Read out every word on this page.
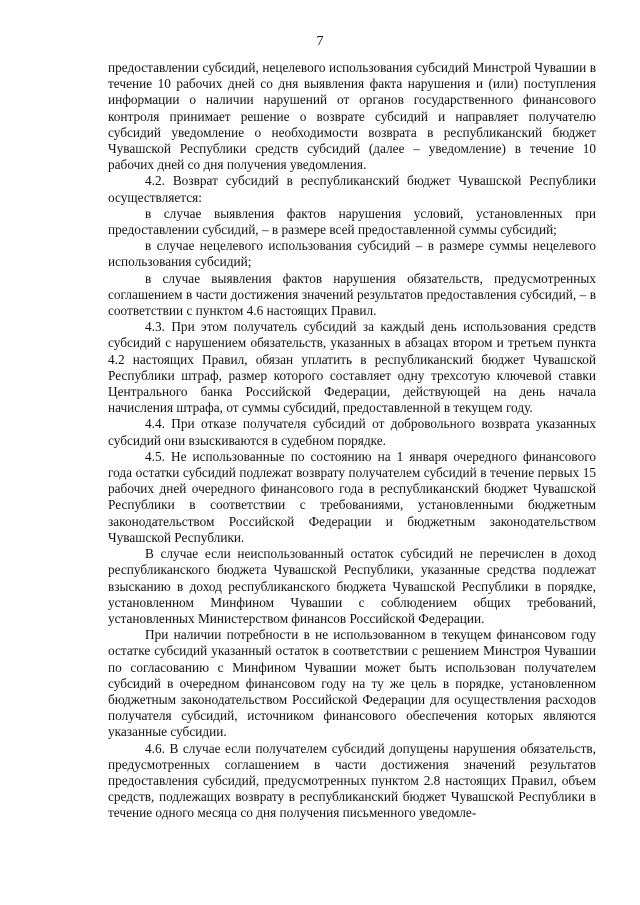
7

предоставлении субсидий, нецелевого использования субсидий Минстрой Чувашии в течение 10 рабочих дней со дня выявления факта нарушения и (или) поступления информации о наличии нарушений от органов государственного финансового контроля принимает решение о возврате субсидий и направляет получателю субсидий уведомление о необходимости возврата в республиканский бюджет Чувашской Республики средств субсидий (далее – уведомление) в течение 10 рабочих дней со дня получения уведомления.

4.2. Возврат субсидий в республиканский бюджет Чувашской Республики осуществляется:

в случае выявления фактов нарушения условий, установленных при предоставлении субсидий, – в размере всей предоставленной суммы субсидий;

в случае нецелевого использования субсидий – в размере суммы нецелевого использования субсидий;

в случае выявления фактов нарушения обязательств, предусмотренных соглашением в части достижения значений результатов предоставления субсидий, – в соответствии с пунктом 4.6 настоящих Правил.

4.3. При этом получатель субсидий за каждый день использования средств субсидий с нарушением обязательств, указанных в абзацах втором и третьем пункта 4.2 настоящих Правил, обязан уплатить в республиканский бюджет Чувашской Республики штраф, размер которого составляет одну трехсотую ключевой ставки Центрального банка Российской Федерации, действующей на день начала начисления штрафа, от суммы субсидий, предоставленной в текущем году.

4.4. При отказе получателя субсидий от добровольного возврата указанных субсидий они взыскиваются в судебном порядке.

4.5. Не использованные по состоянию на 1 января очередного финансового года остатки субсидий подлежат возврату получателем субсидий в течение первых 15 рабочих дней очередного финансового года в республиканский бюджет Чувашской Республики в соответствии с требованиями, установленными бюджетным законодательством Российской Федерации и бюджетным законодательством Чувашской Республики.

В случае если неиспользованный остаток субсидий не перечислен в доход республиканского бюджета Чувашской Республики, указанные средства подлежат взысканию в доход республиканского бюджета Чувашской Республики в порядке, установленном Минфином Чувашии с соблюдением общих требований, установленных Министерством финансов Российской Федерации.

При наличии потребности в не использованном в текущем финансовом году остатке субсидий указанный остаток в соответствии с решением Минстроя Чувашии по согласованию с Минфином Чувашии может быть использован получателем субсидий в очередном финансовом году на ту же цель в порядке, установленном бюджетным законодательством Российской Федерации для осуществления расходов получателя субсидий, источником финансового обеспечения которых являются указанные субсидии.

4.6. В случае если получателем субсидий допущены нарушения обязательств, предусмотренных соглашением в части достижения значений результатов предоставления субсидий, предусмотренных пунктом 2.8 настоящих Правил, объем средств, подлежащих возврату в республиканский бюджет Чувашской Республики в течение одного месяца со дня получения письменного уведомле-
